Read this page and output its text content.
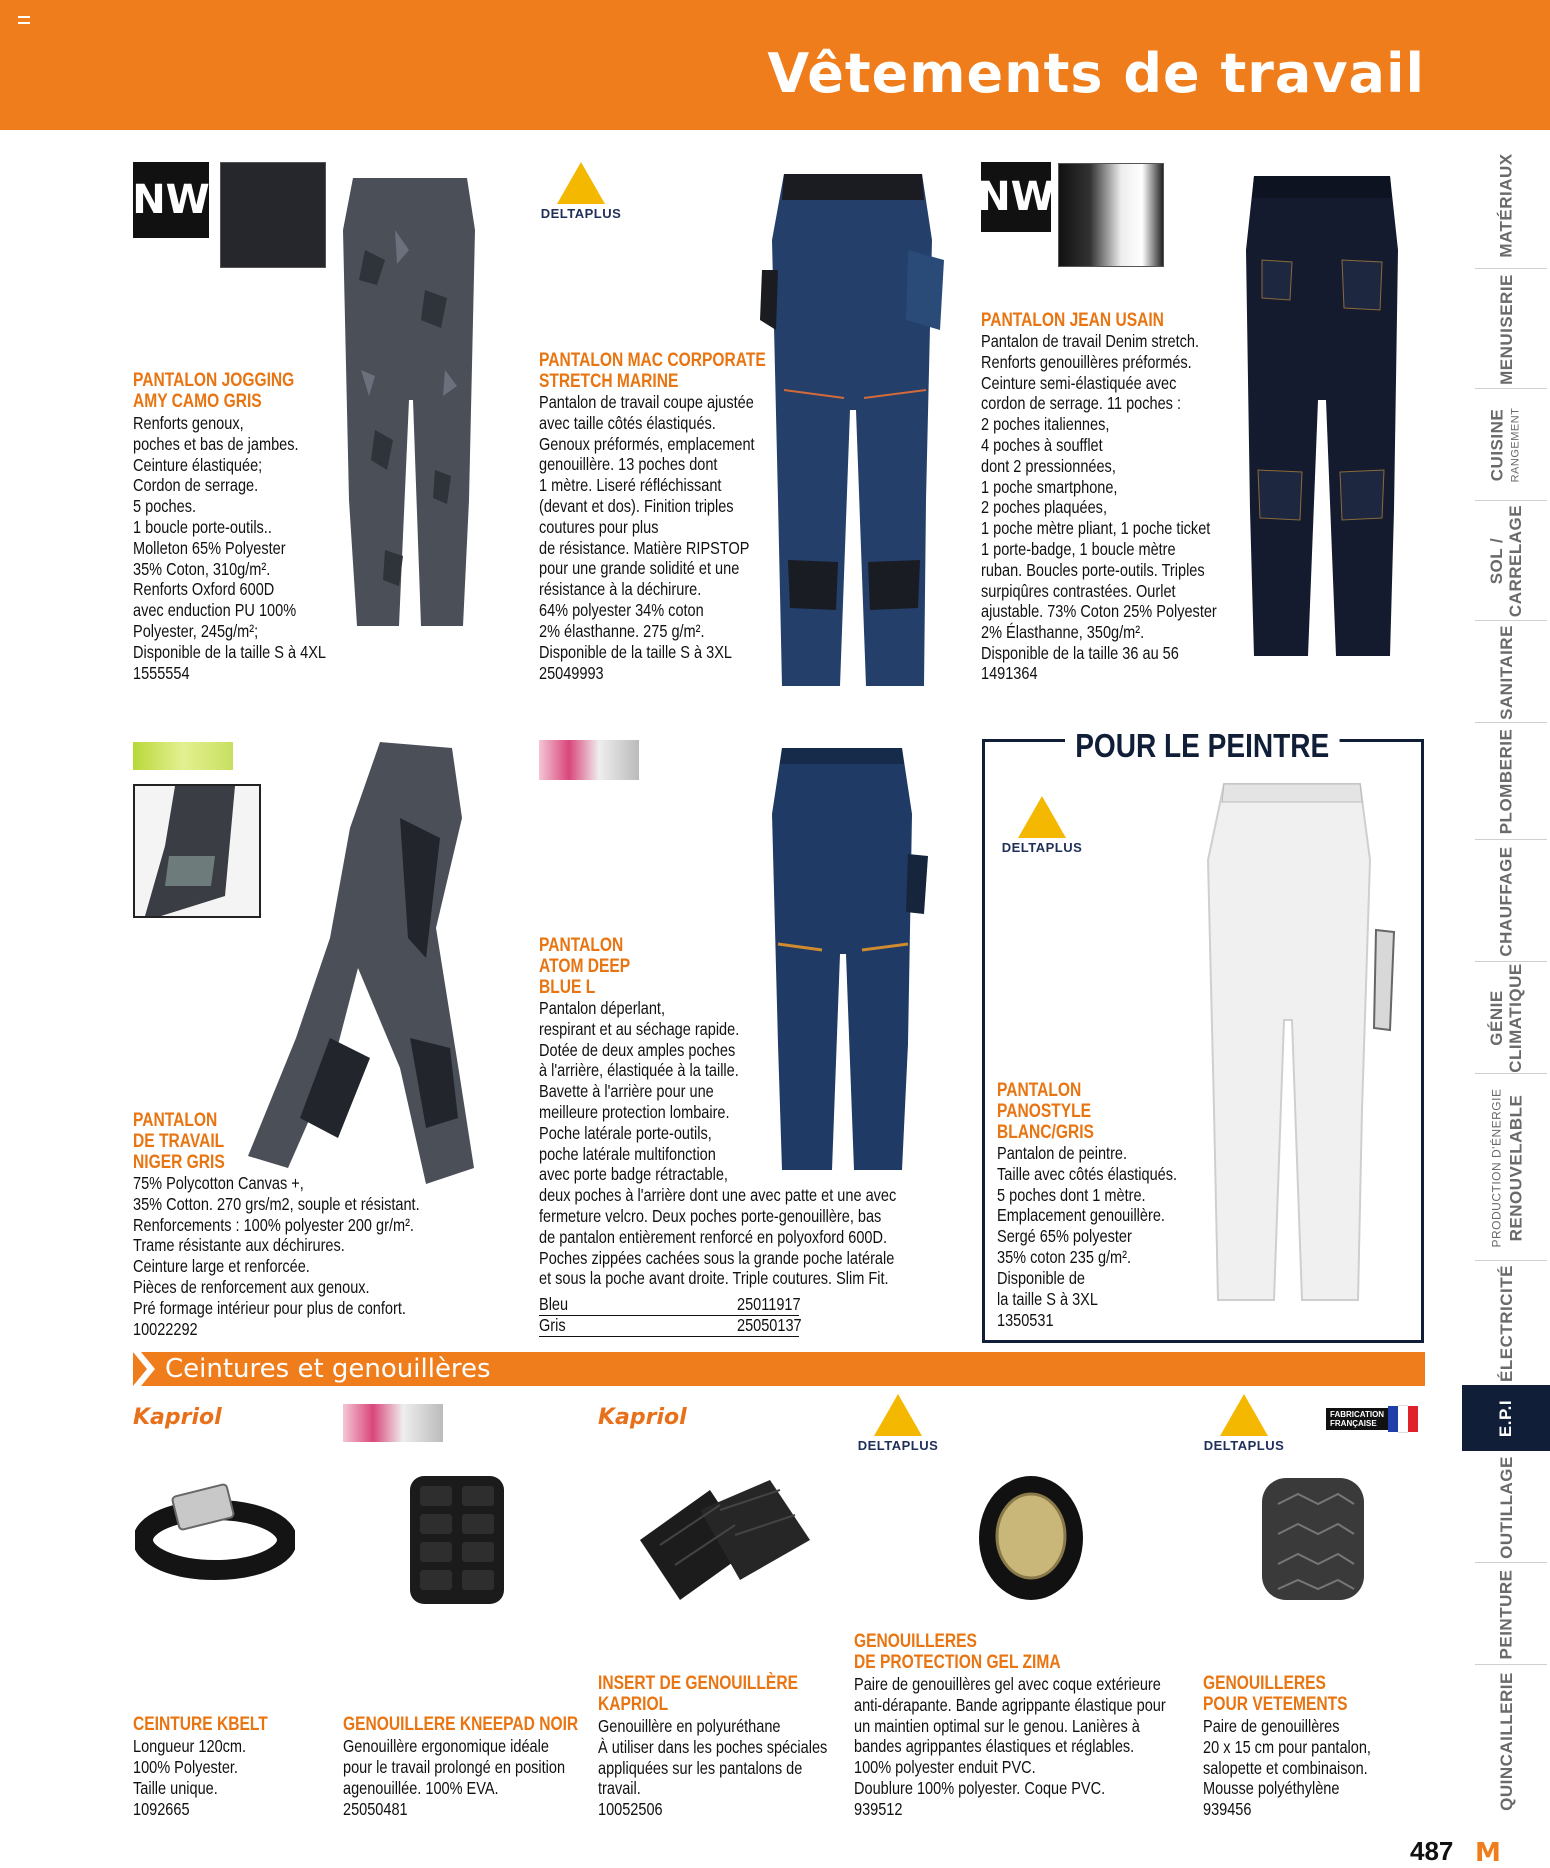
Vêtements de travail
NW
PANTALON JOGGING
AMY CAMO GRIS
Renforts genoux,
poches et bas de jambes.
Ceinture élastiquée;
Cordon de serrage.
5 poches.
1 boucle porte-outils..
Molleton 65% Polyester
35% Coton, 310g/m².
Renforts Oxford 600D
avec enduction PU 100%
Polyester, 245g/m²;
Disponible de la taille S à 4XL
1555554
DELTAPLUS
PANTALON MAC CORPORATE
STRETCH MARINE
Pantalon de travail coupe ajustée
avec taille côtés élastiqués.
Genoux préformés, emplacement
genouillère. 13 poches dont
1 mètre. Liseré réfléchissant
(devant et dos). Finition triples
coutures pour plus
de résistance. Matière RIPSTOP
pour une grande solidité et une
résistance à la déchirure.
64% polyester 34% coton
2% élasthanne. 275 g/m².
Disponible de la taille S à 3XL
25049993
NW
PANTALON JEAN USAIN
Pantalon de travail Denim stretch.
Renforts genouillères préformés.
Ceinture semi-élastiquée avec
cordon de serrage. 11 poches :
2 poches italiennes,
4 poches à soufflet
dont 2 pressionnées,
1 poche smartphone,
2 poches plaquées,
1 poche mètre pliant, 1 poche ticket
1 porte-badge, 1 boucle mètre
ruban. Boucles porte-outils. Triples
surpiqûres contrastées. Ourlet
ajustable. 73% Coton 25% Polyester
2% Élasthanne, 350g/m².
Disponible de la taille 36 au 56
1491364
PANTALON
DE TRAVAIL
NIGER GRIS
75% Polycotton Canvas +,
35% Cotton. 270 grs/m2, souple et résistant.
Renforcements : 100% polyester 200 gr/m².
Trame résistante aux déchirures.
Ceinture large et renforcée.
Pièces de renforcement aux genoux.
Pré formage intérieur pour plus de confort.
10022292
PANTALON
ATOM DEEP
BLUE L
Pantalon déperlant,
respirant et au séchage rapide.
Dotée de deux amples poches
à l'arrière, élastiquée à la taille.
Bavette à l'arrière pour une
meilleure protection lombaire.
Poche latérale porte-outils,
poche latérale multifonction
avec porte badge rétractable,
deux poches à l'arrière dont une avec patte et une avec
fermeture velcro. Deux poches porte-genouillère, bas
de pantalon entièrement renforcé en polyoxford 600D.
Poches zippées cachées sous la grande poche latérale
et sous la poche avant droite. Triple coutures. Slim Fit.
Bleu	25011917
Gris	25050137
POUR LE PEINTRE
DELTAPLUS
PANTALON
PANOSTYLE
BLANC/GRIS
Pantalon de peintre.
Taille avec côtés élastiqués.
5 poches dont 1 mètre.
Emplacement genouillère.
Sergé 65% polyester
35% coton 235 g/m².
Disponible de
la taille S à 3XL
1350531
Ceintures et genouillères
Kapriol	Kapriol
DELTAPLUS	DELTAPLUS
FABRICATION
FRANÇAISE
CEINTURE KBELT
Longueur 120cm.
100% Polyester.
Taille unique.
1092665
GENOUILLERE KNEEPAD NOIR
Genouillère ergonomique idéale
pour le travail prolongé en position
agenouillée. 100% EVA.
25050481
INSERT DE GENOUILLÈRE
KAPRIOL
Genouillère en polyuréthane
À utiliser dans les poches spéciales
appliquées sur les pantalons de
travail.
10052506
GENOUILLERES
DE PROTECTION GEL ZIMA
Paire de genouillères gel avec coque extérieure
anti-dérapante. Bande agrippante élastique pour
un maintien optimal sur le genou. Lanières à
bandes agrippantes élastiques et réglables.
100% polyester enduit PVC.
Doublure 100% polyester. Coque PVC.
939512
GENOUILLERES
POUR VETEMENTS
Paire de genouillères
20 x 15 cm pour pantalon,
salopette et combinaison.
Mousse polyéthylène
939456
MATÉRIAUX
MENUISERIE
CUISINE RANGEMENT
SOL / CARRELAGE
SANITAIRE
PLOMBERIE
CHAUFFAGE
GÉNIE CLIMATIQUE
PRODUCTION D'ÉNERGIE RENOUVELABLE
ÉLECTRICITÉ
E.P.I
OUTILLAGE
PEINTURE
QUINCAILLERIE
487 M
